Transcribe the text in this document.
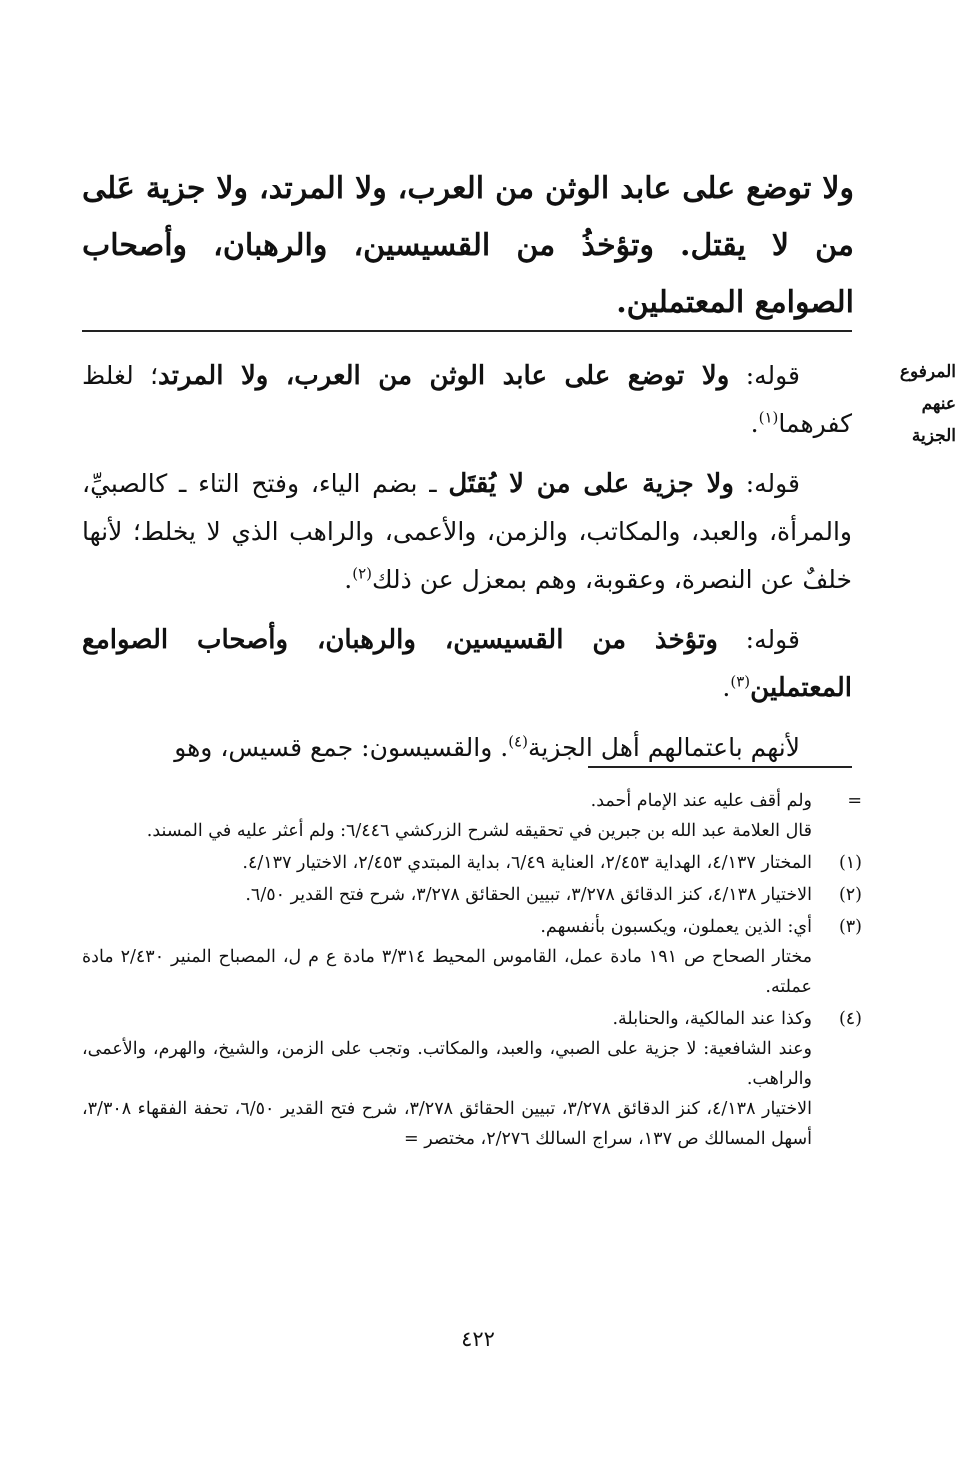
ولا توضع على عابد الوثن من العرب، ولا المرتد، ولا جزية عَلى من لا يقتل. وتؤخذُ من القسيسين، والرهبان، وأصحاب الصوامع المعتملين.
المرفوع
عنهم
الجزية

قوله: ولا توضع على عابد الوثن من العرب، ولا المرتد؛ لغلظ كفرهما$^{(١)}$.

قوله: ولا جزية على من لا يُقتَل ـ بضم الياء، وفتح التاء ـ كالصبيِّ، والمرأة، والعبد، والمكاتب، والزمن، والأعمى، والراهب الذي لا يخلط؛ لأنها خلفٌ عن النصرة، وعقوبة، وهم بمعزل عن ذلك$^{(٢)}$.

قوله: وتؤخذ من القسيسين، والرهبان، وأصحاب الصوامع المعتملين$^{(٣)}$.

لأنهم باعتمالهم أهل الجزية$^{(٤)}$. والقسيسون: جمع قسيس، وهو

=
ولم أقف عليه عند الإمام أحمد.
قال العلامة عبد الله بن جبرين في تحقيقه لشرح الزركشي ٦/٤٤٦: ولم أعثر عليه في المسند.
(١)
المختار ٤/١٣٧، الهداية ٢/٤٥٣، العناية ٦/٤٩، بداية المبتدي ٢/٤٥٣، الاختيار ٤/١٣٧.
(٢)
الاختيار ٤/١٣٨، كنز الدقائق ٣/٢٧٨، تبيين الحقائق ٣/٢٧٨، شرح فتح القدير ٦/٥٠.
(٣)
أي: الذين يعملون، ويكسبون بأنفسهم.
مختار الصحاح ص ١٩١ مادة عمل، القاموس المحيط ٣/٣١٤ مادة ع م ل، المصباح المنير ٢/٤٣٠ مادة عملته.
(٤)
وكذا عند المالكية، والحنابلة.
وعند الشافعية: لا جزية على الصبي، والعبد، والمكاتب. وتجب على الزمن، والشيخ، والهرم، والأعمى، والراهب.
الاختيار ٤/١٣٨، كنز الدقائق ٣/٢٧٨، تبيين الحقائق ٣/٢٧٨، شرح فتح القدير ٦/٥٠، تحفة الفقهاء ٣/٣٠٨، أسهل المسالك ص ١٣٧، سراج السالك ٢/٢٧٦، مختصر =
٤٢٢
